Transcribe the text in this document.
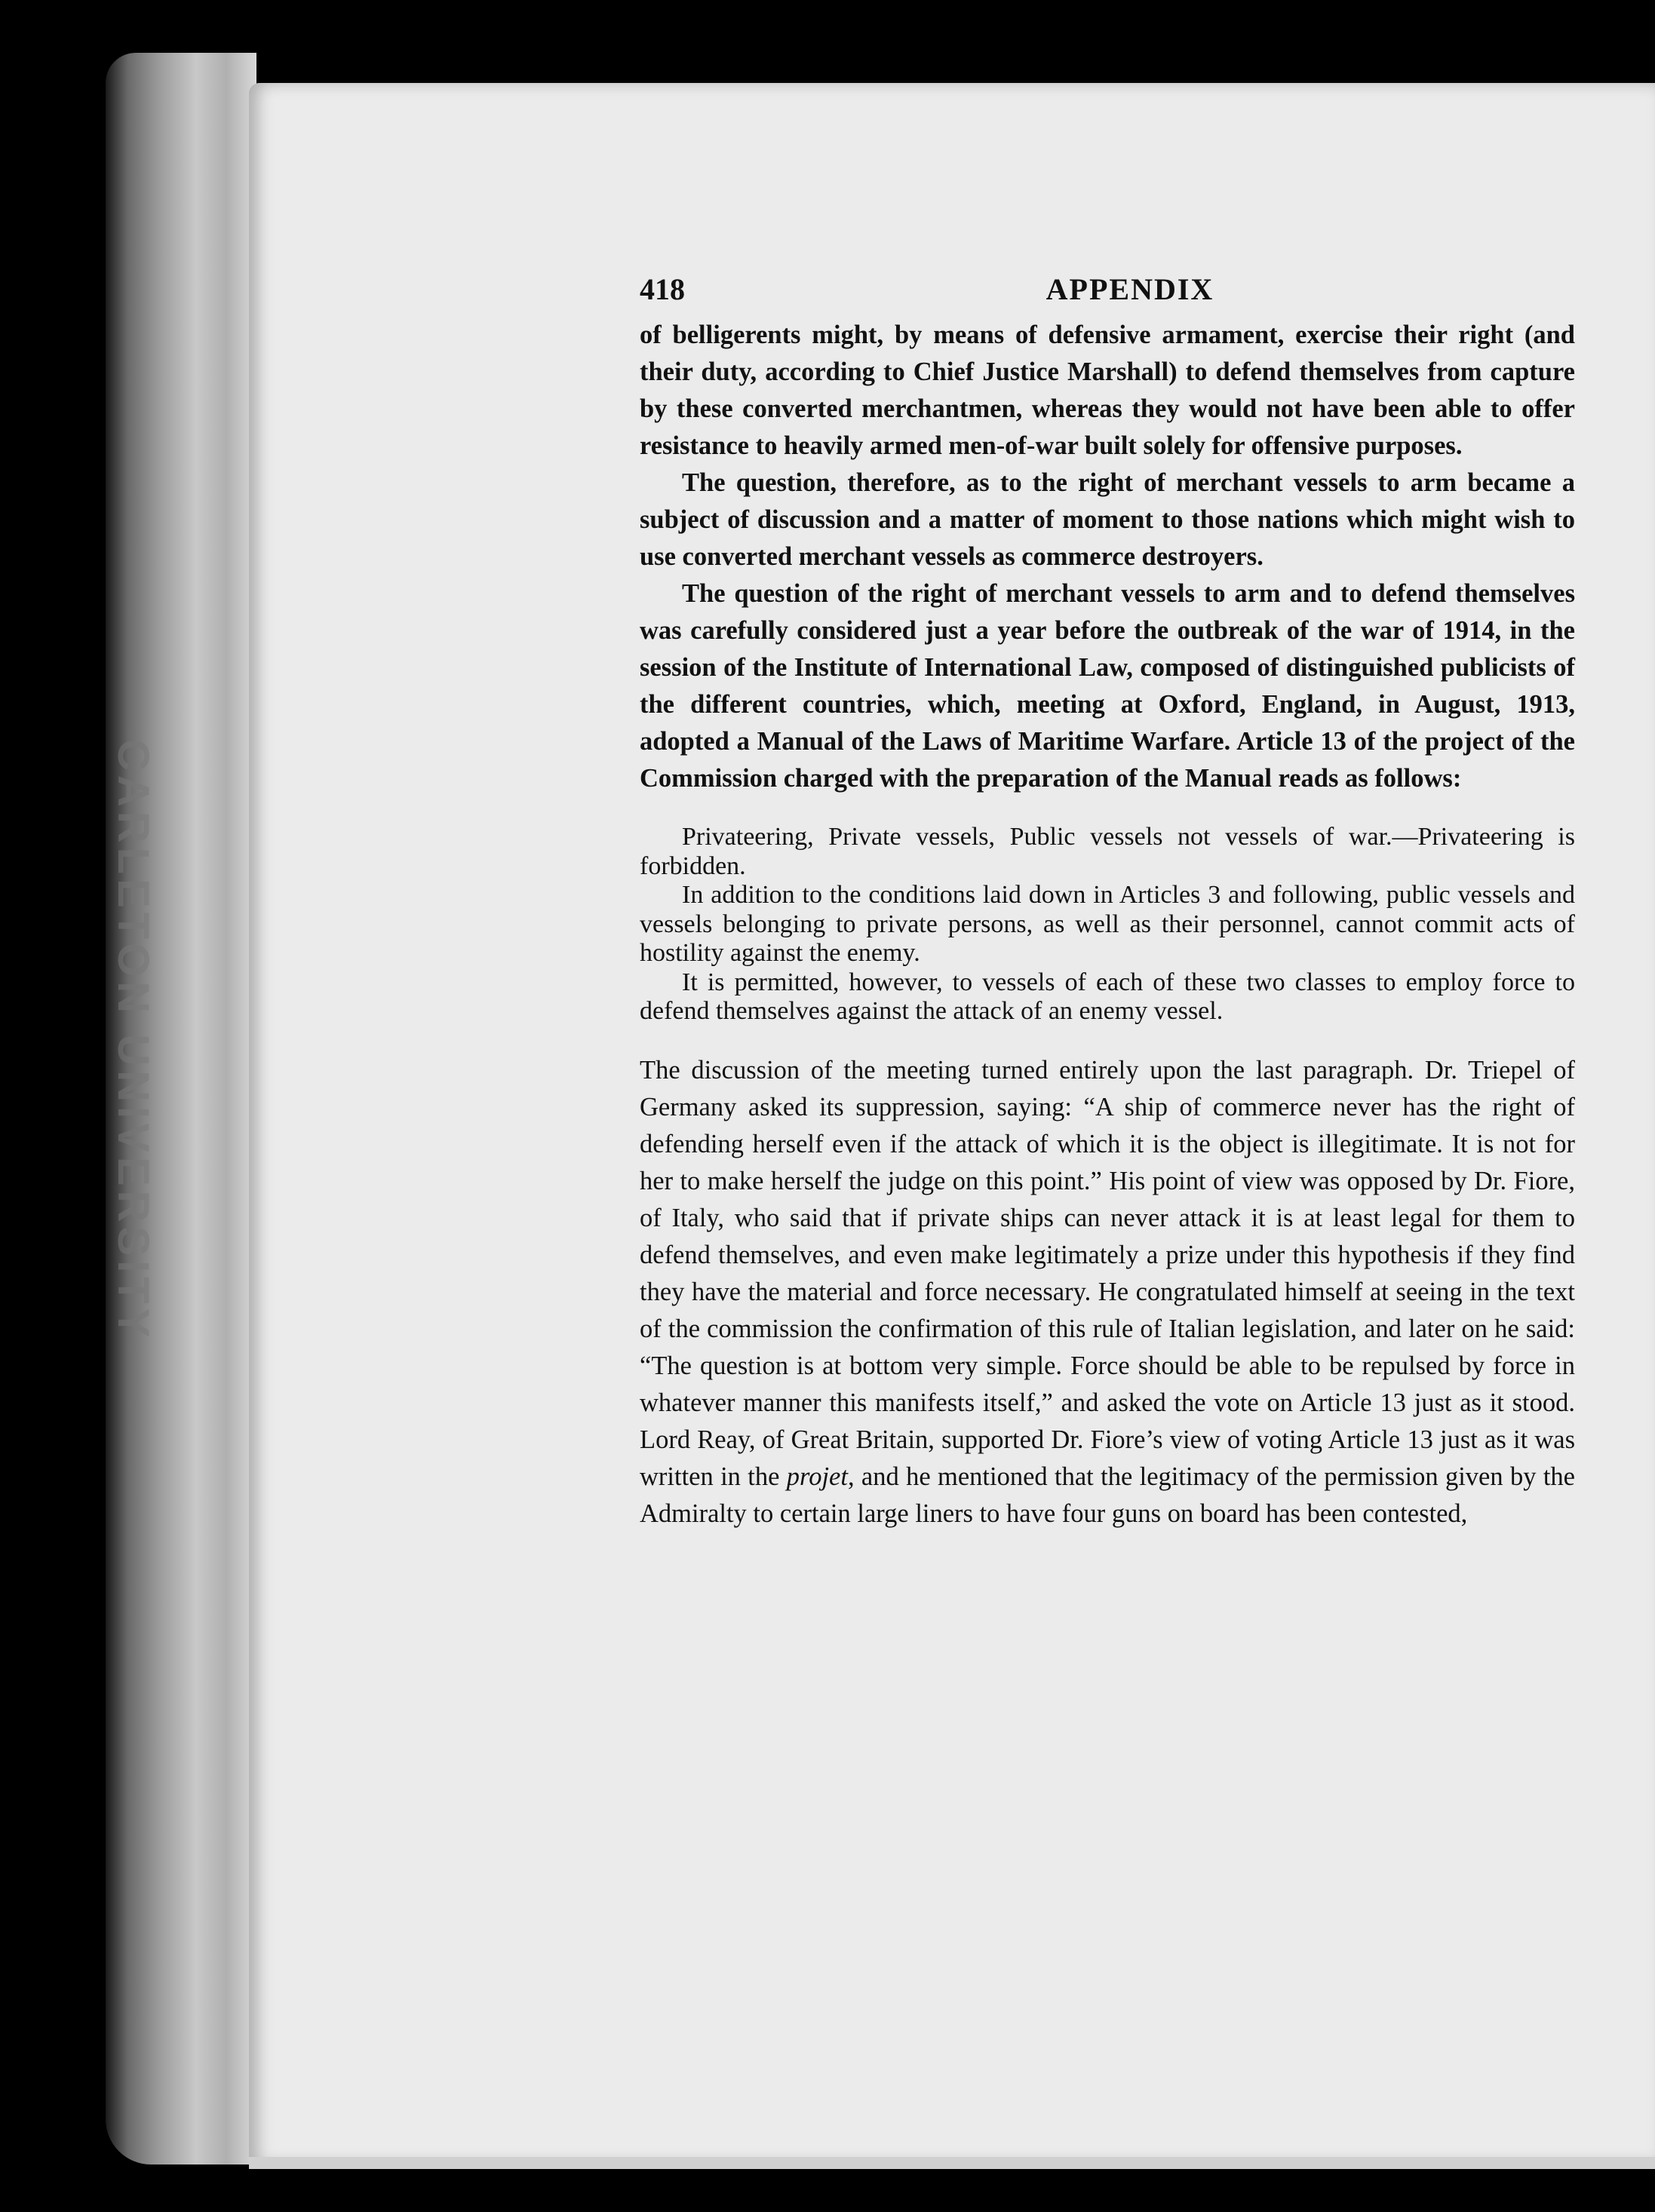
CARLETON UNIVERSITY
418	APPENDIX

of belligerents might, by means of defensive armament, exercise their right (and their duty, according to Chief Justice Marshall) to defend themselves from capture by these converted merchantmen, whereas they would not have been able to offer resistance to heavily armed men-of-war built solely for offensive purposes.

The question, therefore, as to the right of merchant vessels to arm became a subject of discussion and a matter of moment to those nations which might wish to use converted merchant vessels as commerce destroyers.

The question of the right of merchant vessels to arm and to defend themselves was carefully considered just a year before the outbreak of the war of 1914, in the session of the Institute of International Law, composed of distinguished publicists of the different countries, which, meeting at Oxford, England, in August, 1913, adopted a Manual of the Laws of Maritime Warfare. Article 13 of the project of the Commission charged with the preparation of the Manual reads as follows:

Privateering, Private vessels, Public vessels not vessels of war.—Privateering is forbidden.

In addition to the conditions laid down in Articles 3 and following, public vessels and vessels belonging to private persons, as well as their personnel, cannot commit acts of hostility against the enemy.

It is permitted, however, to vessels of each of these two classes to employ force to defend themselves against the attack of an enemy vessel.

The discussion of the meeting turned entirely upon the last paragraph. Dr. Triepel of Germany asked its suppression, saying: “A ship of commerce never has the right of defending herself even if the attack of which it is the object is illegitimate. It is not for her to make herself the judge on this point.” His point of view was opposed by Dr. Fiore, of Italy, who said that if private ships can never attack it is at least legal for them to defend themselves, and even make legitimately a prize under this hypothesis if they find they have the material and force necessary. He congratulated himself at seeing in the text of the commission the confirmation of this rule of Italian legislation, and later on he said: “The question is at bottom very simple. Force should be able to be repulsed by force in whatever manner this manifests itself,” and asked the vote on Article 13 just as it stood. Lord Reay, of Great Britain, supported Dr. Fiore’s view of voting Article 13 just as it was written in the projet, and he mentioned that the legitimacy of the permission given by the Admiralty to certain large liners to have four guns on board has been contested,
